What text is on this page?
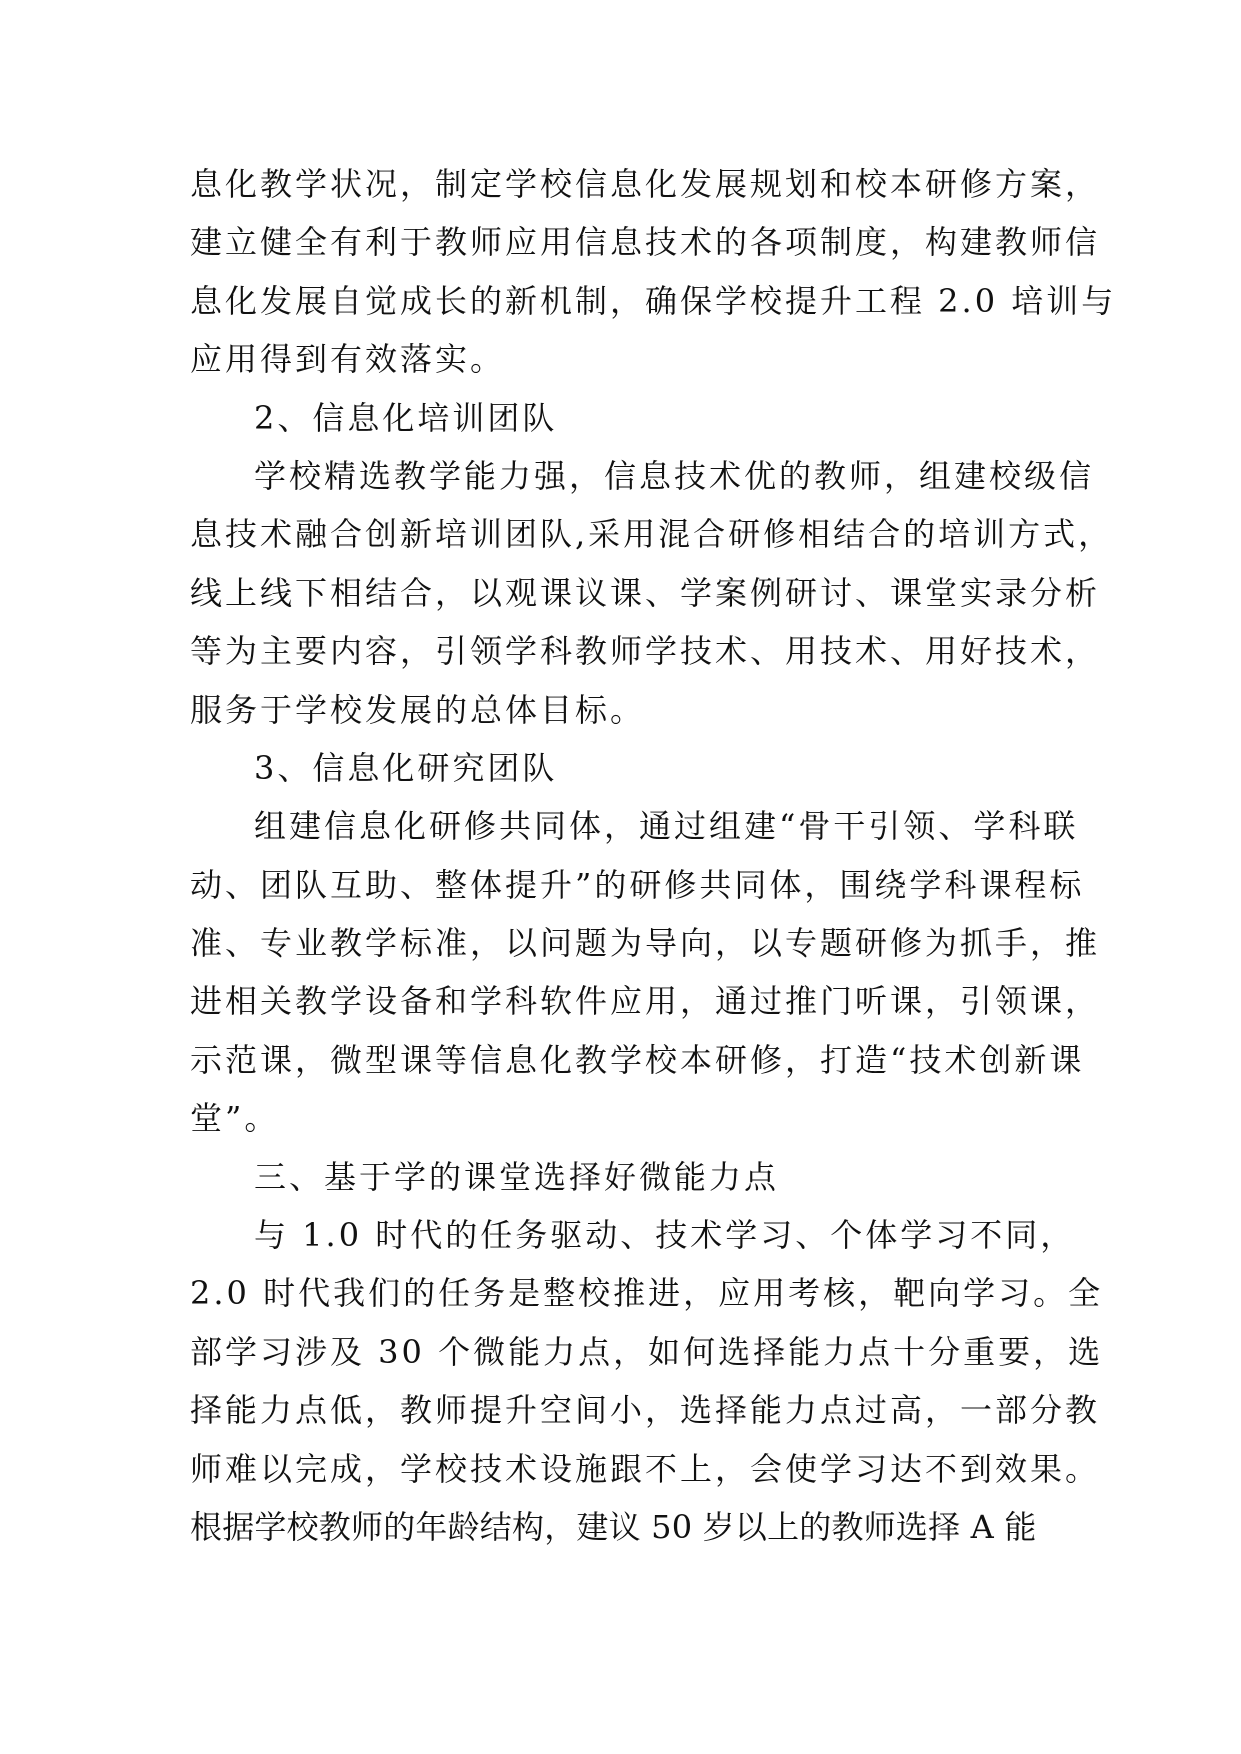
息化教学状况，制定学校信息化发展规划和校本研修方案，
建立健全有利于教师应用信息技术的各项制度，构建教师信
息化发展自觉成长的新机制，确保学校提升工程 2.0 培训与
应用得到有效落实。
2、信息化培训团队
学校精选教学能力强，信息技术优的教师，组建校级信
息技术融合创新培训团队,采用混合研修相结合的培训方式，
线上线下相结合，以观课议课、学案例研讨、课堂实录分析
等为主要内容，引领学科教师学技术、用技术、用好技术，
服务于学校发展的总体目标。
3、信息化研究团队
组建信息化研修共同体，通过组建“骨干引领、学科联
动、团队互助、整体提升”的研修共同体，围绕学科课程标
准、专业教学标准，以问题为导向，以专题研修为抓手，推
进相关教学设备和学科软件应用，通过推门听课，引领课，
示范课，微型课等信息化教学校本研修，打造“技术创新课
堂”。
三、基于学的课堂选择好微能力点
与 1.0 时代的任务驱动、技术学习、个体学习不同，
2.0 时代我们的任务是整校推进，应用考核，靶向学习。全
部学习涉及 30 个微能力点，如何选择能力点十分重要，选
择能力点低，教师提升空间小，选择能力点过高，一部分教
师难以完成，学校技术设施跟不上，会使学习达不到效果。
根据学校教师的年龄结构，建议 50 岁以上的教师选择 A 能
